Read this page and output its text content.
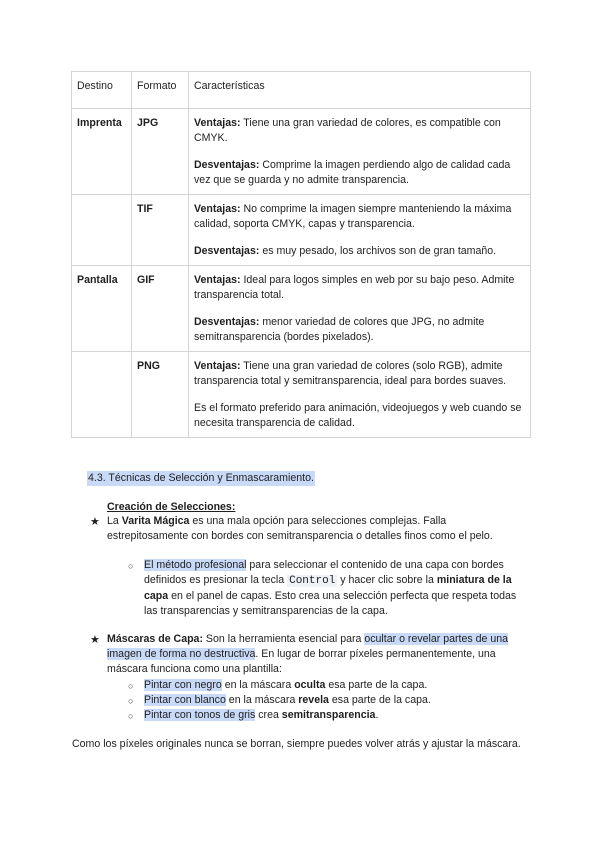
Destino	Formato	Características
Imprenta	JPG	Ventajas: Tiene una gran variedad de colores, es compatible con CMYK.

Desventajas: Comprime la imagen perdiendo algo de calidad cada vez que se guarda y no admite transparencia.

	TIF	Ventajas: No comprime la imagen siempre manteniendo la máxima calidad, soporta CMYK, capas y transparencia.

Desventajas: es muy pesado, los archivos son de gran tamaño.

Pantalla	GIF	Ventajas: Ideal para logos simples en web por su bajo peso. Admite transparencia total.

Desventajas: menor variedad de colores que JPG, no admite semitransparencia (bordes pixelados).

	PNG	Ventajas: Tiene una gran variedad de colores (solo RGB), admite transparencia total y semitransparencia, ideal para bordes suaves.

Es el formato preferido para animación, videojuegos y web cuando se necesita transparencia de calidad.

4.3. Técnicas de Selección y Enmascaramiento.
Creación de Selecciones:
★ La Varita Mágica es una mala opción para selecciones complejas. Falla estrepitosamente con bordes con semitransparencia o detalles finos como el pelo.
○ El método profesional para seleccionar el contenido de una capa con bordes definidos es presionar la tecla Control y hacer clic sobre la miniatura de la capa en el panel de capas. Esto crea una selección perfecta que respeta todas las transparencias y semitransparencias de la capa.
★ Máscaras de Capa: Son la herramienta esencial para ocultar o revelar partes de una imagen de forma no destructiva. En lugar de borrar píxeles permanentemente, una máscara funciona como una plantilla:
○ Pintar con negro en la máscara oculta esa parte de la capa.
○ Pintar con blanco en la máscara revela esa parte de la capa.
○ Pintar con tonos de gris crea semitransparencia.
Como los píxeles originales nunca se borran, siempre puedes volver atrás y ajustar la máscara.
